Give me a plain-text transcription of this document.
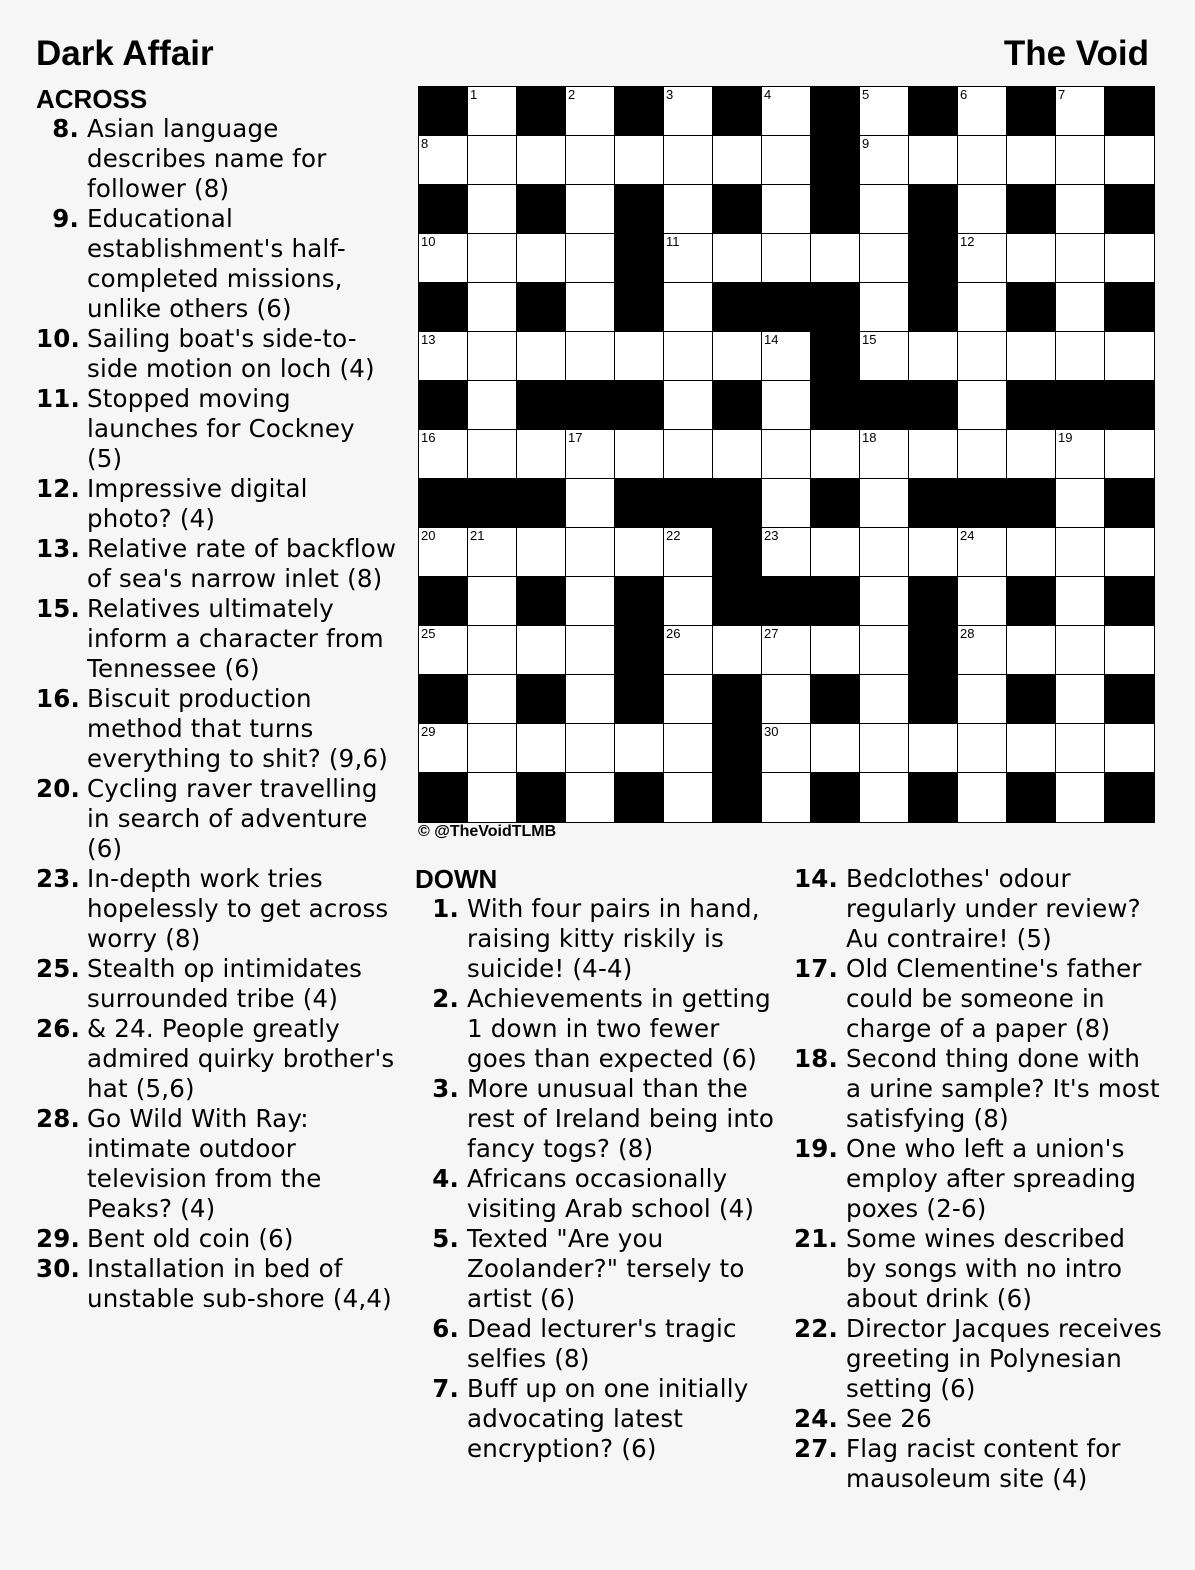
Dark Affair	The Void
ACROSS
8. Asian language describes name for follower (8)
9. Educational establishment's half-completed missions, unlike others (6)
10. Sailing boat's side-to-side motion on loch (4)
11. Stopped moving launches for Cockney (5)
12. Impressive digital photo? (4)
13. Relative rate of backflow of sea's narrow inlet (8)
15. Relatives ultimately inform a character from Tennessee (6)
16. Biscuit production method that turns everything to shit? (9,6)
20. Cycling raver travelling in search of adventure (6)
23. In-depth work tries hopelessly to get across worry (8)
25. Stealth op intimidates surrounded tribe (4)
26. & 24. People greatly admired quirky brother's hat (5,6)
28. Go Wild With Ray: intimate outdoor television from the Peaks? (4)
29. Bent old coin (6)
30. Installation in bed of unstable sub-shore (4,4)
1	2	3	4	5	6	7
8	9
10	11	12
13	14	15
16	17	18	19
20	21	22	23	24
25	26	27	28
29	30
© @TheVoidTLMB
DOWN
1. With four pairs in hand, raising kitty riskily is suicide! (4-4)
2. Achievements in getting 1 down in two fewer goes than expected (6)
3. More unusual than the rest of Ireland being into fancy togs? (8)
4. Africans occasionally visiting Arab school (4)
5. Texted "Are you Zoolander?" tersely to artist (6)
6. Dead lecturer's tragic selfies (8)
7. Buff up on one initially advocating latest encryption? (6)
14. Bedclothes' odour regularly under review? Au contraire! (5)
17. Old Clementine's father could be someone in charge of a paper (8)
18. Second thing done with a urine sample? It's most satisfying (8)
19. One who left a union's employ after spreading poxes (2-6)
21. Some wines described by songs with no intro about drink (6)
22. Director Jacques receives greeting in Polynesian setting (6)
24. See 26
27. Flag racist content for mausoleum site (4)
